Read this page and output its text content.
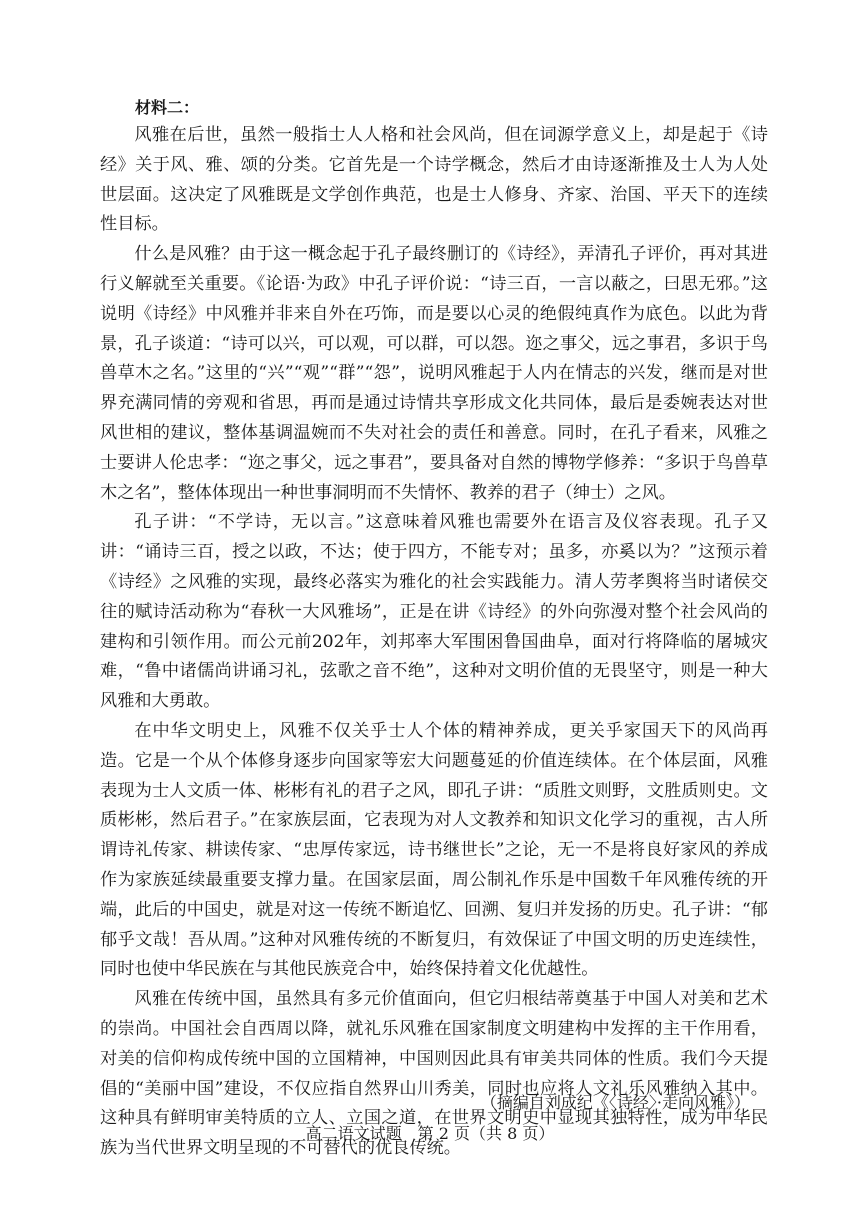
材料二：

风雅在后世，虽然一般指士人人格和社会风尚，但在词源学意义上，却是起于《诗经》关于风、雅、颂的分类。它首先是一个诗学概念，然后才由诗逐渐推及士人为人处世层面。这决定了风雅既是文学创作典范，也是士人修身、齐家、治国、平天下的连续性目标。

什么是风雅？由于这一概念起于孔子最终删订的《诗经》，弄清孔子评价，再对其进行义解就至关重要。《论语·为政》中孔子评价说：“诗三百，一言以蔽之，曰思无邪。”这说明《诗经》中风雅并非来自外在巧饰，而是要以心灵的绝假纯真作为底色。以此为背景，孔子谈道：“诗可以兴，可以观，可以群，可以怨。迩之事父，远之事君，多识于鸟兽草木之名。”这里的“兴”“观”“群”“怨”，说明风雅起于人内在情志的兴发，继而是对世界充满同情的旁观和省思，再而是通过诗情共享形成文化共同体，最后是委婉表达对世风世相的建议，整体基调温婉而不失对社会的责任和善意。同时，在孔子看来，风雅之士要讲人伦忠孝：“迩之事父，远之事君”，要具备对自然的博物学修养：“多识于鸟兽草木之名”，整体体现出一种世事洞明而不失情怀、教养的君子（绅士）之风。

孔子讲：“不学诗，无以言。”这意味着风雅也需要外在语言及仪容表现。孔子又讲：“诵诗三百，授之以政，不达；使于四方，不能专对；虽多，亦奚以为？”这预示着《诗经》之风雅的实现，最终必落实为雅化的社会实践能力。清人劳孝舆将当时诸侯交往的赋诗活动称为“春秋一大风雅场”，正是在讲《诗经》的外向弥漫对整个社会风尚的建构和引领作用。而公元前202年，刘邦率大军围困鲁国曲阜，面对行将降临的屠城灾难，“鲁中诸儒尚讲诵习礼，弦歌之音不绝”，这种对文明价值的无畏坚守，则是一种大风雅和大勇敢。

在中华文明史上，风雅不仅关乎士人个体的精神养成，更关乎家国天下的风尚再造。它是一个从个体修身逐步向国家等宏大问题蔓延的价值连续体。在个体层面，风雅表现为士人文质一体、彬彬有礼的君子之风，即孔子讲：“质胜文则野，文胜质则史。文质彬彬，然后君子。”在家族层面，它表现为对人文教养和知识文化学习的重视，古人所谓诗礼传家、耕读传家、“忠厚传家远，诗书继世长”之论，无一不是将良好家风的养成作为家族延续最重要支撑力量。在国家层面，周公制礼作乐是中国数千年风雅传统的开端，此后的中国史，就是对这一传统不断追忆、回溯、复归并发扬的历史。孔子讲：“郁郁乎文哉！吾从周。”这种对风雅传统的不断复归，有效保证了中国文明的历史连续性，同时也使中华民族在与其他民族竞合中，始终保持着文化优越性。

风雅在传统中国，虽然具有多元价值面向，但它归根结蒂奠基于中国人对美和艺术的崇尚。中国社会自西周以降，就礼乐风雅在国家制度文明建构中发挥的主干作用看，对美的信仰构成传统中国的立国精神，中国则因此具有审美共同体的性质。我们今天提倡的“美丽中国”建设，不仅应指自然界山川秀美，同时也应将人文礼乐风雅纳入其中。这种具有鲜明审美特质的立人、立国之道，在世界文明史中显现其独特性，成为中华民族为当代世界文明呈现的不可替代的优良传统。

（摘编自刘成纪《〈诗经〉·走向风雅》）
高二语文试题　第 2 页（共 8 页）
